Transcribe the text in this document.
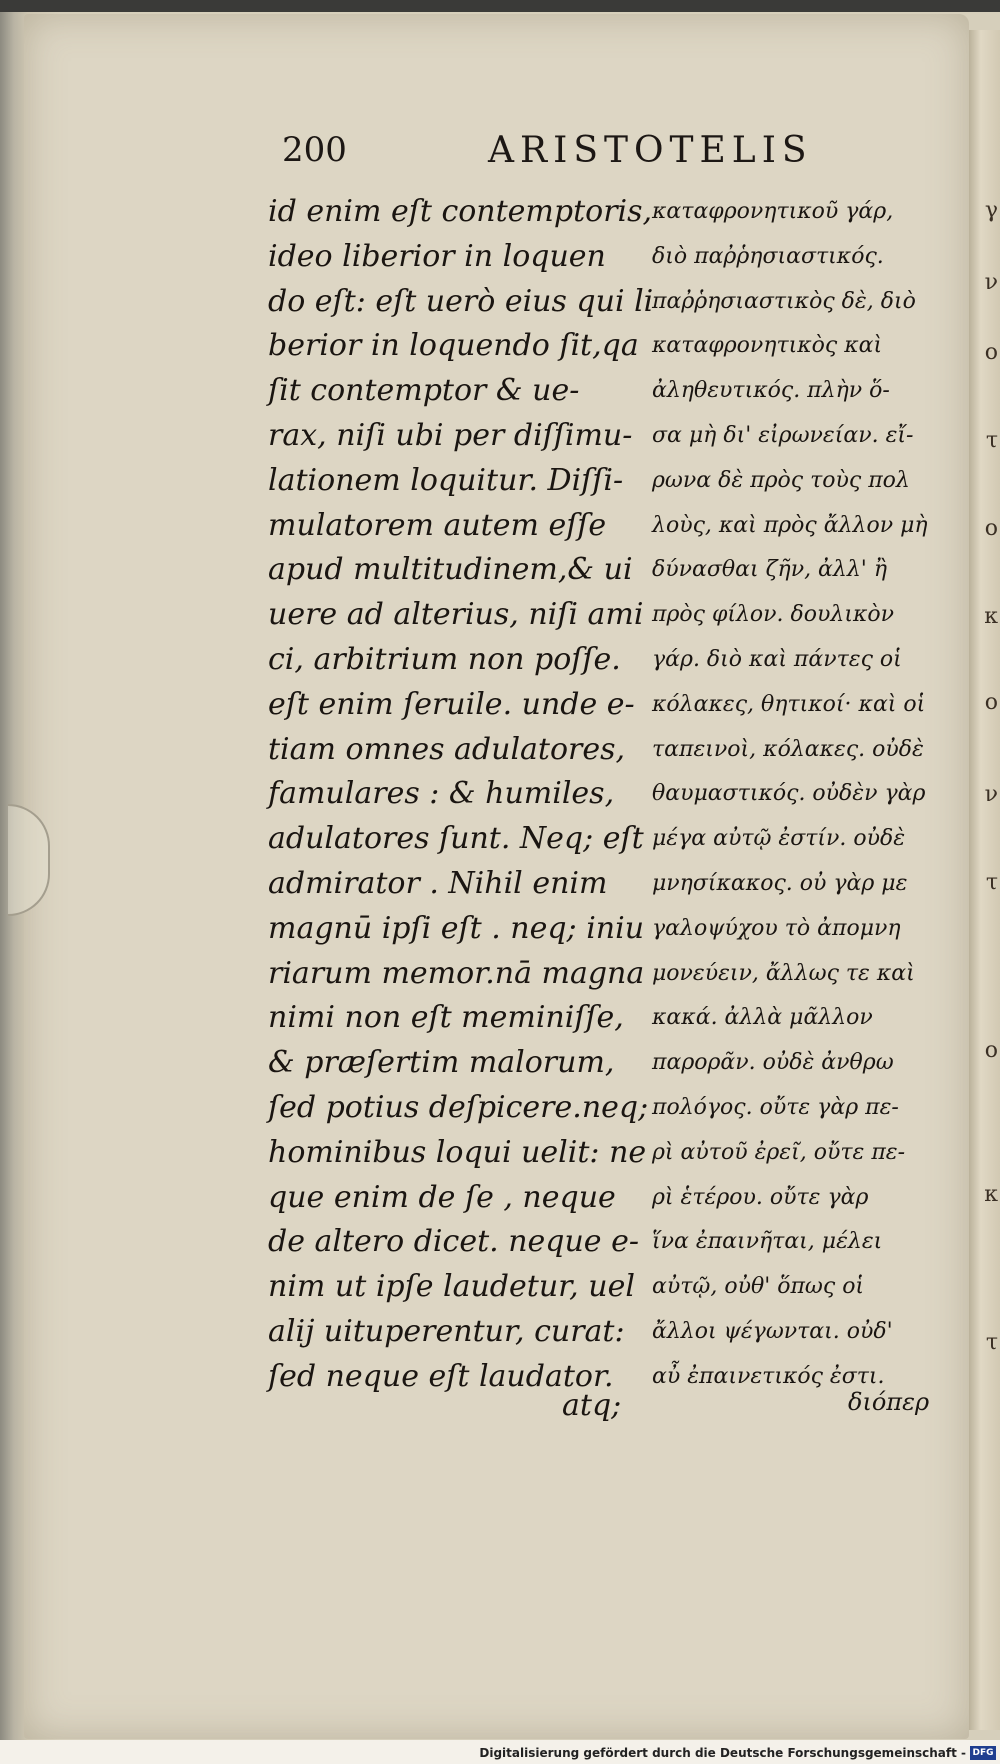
γ
ν
ο
τ
ο
κ
ο
ν
τ
ο
κ
τ
200	ARISTOTELIS
id enim eſt contemptoris,
ideo liberior in loquen
do eſt: eſt uerò eius qui li
berior in loquendo ſit,qa
ſit contemptor & ue-
rax, niſi ubi per diſſimu-
lationem loquitur. Diſſi-
mulatorem autem eſſe
apud multitudinem,& ui
uere ad alterius, niſi ami
ci, arbitrium non poſſe.
eſt enim ſeruile. unde e-
tiam omnes adulatores,
famulares : & humiles,
adulatores ſunt. Neq; eſt
admirator . Nihil enim
magnū ipſi eſt . neq; iniu
riarum memor.nā magna
nimi non eſt meminiſſe,
& præſertim malorum,
ſed potius deſpicere.neq;
hominibus loqui uelit: ne
que enim de ſe , neque
de altero dicet. neque e-
nim ut ipſe laudetur, uel
alij uituperentur, curat:
ſed neque eſt laudator.
καταφρονητικοῦ γάρ,
διὸ παῤῥησιαστικός.
παῤῥησιαστικὸς δὲ, διὸ
καταφρονητικὸς καὶ
ἀληθευτικός. πλὴν ὅ-
σα μὴ δι' εἰρωνείαν. εἴ-
ρωνα δὲ πρὸς τοὺς πολ
λοὺς, καὶ πρὸς ἄλλον μὴ
δύνασθαι ζῆν, ἀλλ' ἢ
πρὸς φίλον. δουλικὸν
γάρ. διὸ καὶ πάντες οἱ
κόλακες, θητικοί· καὶ οἱ
ταπεινοὶ, κόλακες. οὐδὲ
θαυμαστικός. οὐδὲν γὰρ
μέγα αὐτῷ ἐστίν. οὐδὲ
μνησίκακος. οὐ γὰρ με
γαλοψύχου τὸ ἀπομνη
μονεύειν, ἄλλως τε καὶ
κακά. ἀλλὰ μᾶλλον
παρορᾶν. οὐδὲ ἀνθρω
πολόγος. οὔτε γὰρ πε-
ρὶ αὐτοῦ ἐρεῖ, οὔτε πε-
ρὶ ἑτέρου. οὔτε γὰρ
ἵνα ἐπαινῆται, μέλει
αὐτῷ, οὐθ' ὅπως οἱ
ἄλλοι ψέγωνται. οὐδ'
αὖ ἐπαινετικός ἐστι.
atq;	διόπερ
Digitalisierung gefördert durch die Deutsche Forschungsgemeinschaft - DFG
